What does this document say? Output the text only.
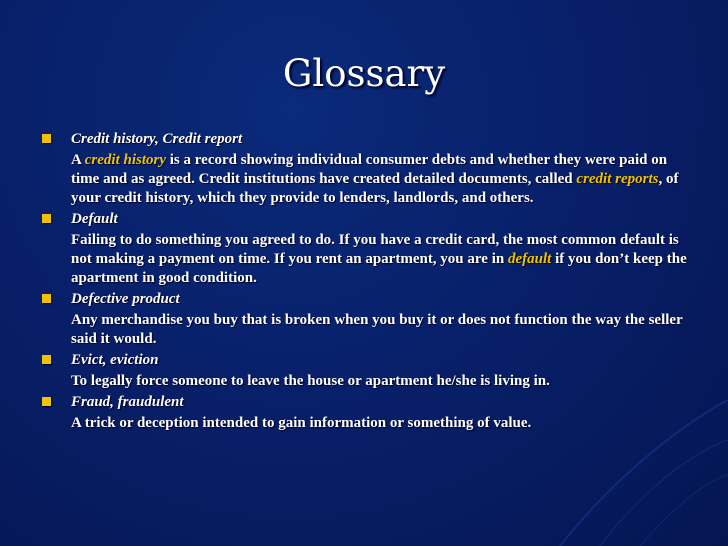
Glossary
Credit history, Credit report
A credit history is a record showing individual consumer debts and whether they were paid on time and as agreed. Credit institutions have created detailed documents, called credit reports, of your credit history, which they provide to lenders, landlords, and others.
Default
Failing to do something you agreed to do. If you have a credit card, the most common default is not making a payment on time. If you rent an apartment, you are in default if you don’t keep the apartment in good condition.
Defective product
Any merchandise you buy that is broken when you buy it or does not function the way the seller said it would.
Evict, eviction
To legally force someone to leave the house or apartment he/she is living in.
Fraud, fraudulent
A trick or deception intended to gain information or something of value.
